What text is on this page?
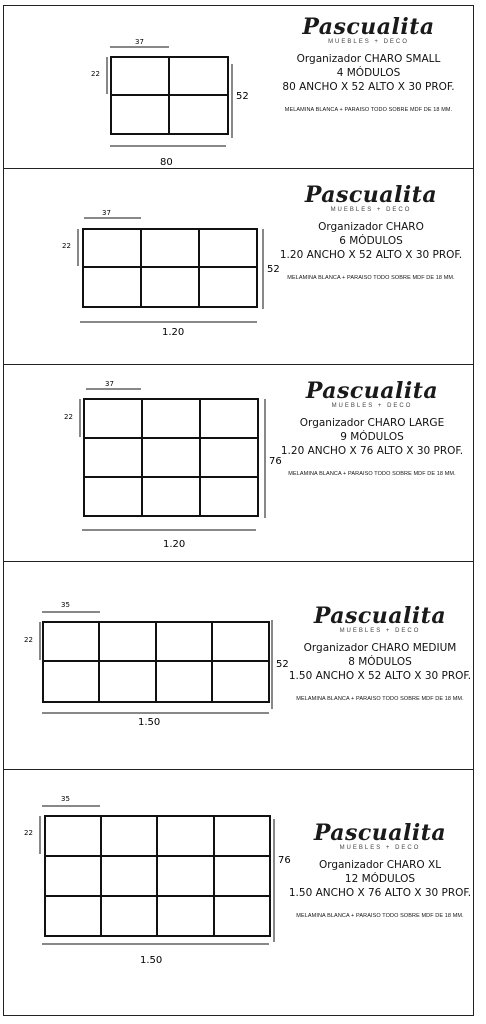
37
22
52
80
Pascualita
MUEBLES + DECO
Organizador CHARO SMALL
4 MÓDULOS
80 ANCHO X 52 ALTO X 30 PROF.
MELAMINA BLANCA + PARAISO TODO SOBRE MDF DE 18 MM.
37
22
52
1.20
Pascualita
MUEBLES + DECO
Organizador CHARO
6 MÓDULOS
1.20 ANCHO X 52 ALTO X 30 PROF.
MELAMINA BLANCA + PARAISO TODO SOBRE MDF DE 18 MM.
37
22
76
1.20
Pascualita
MUEBLES + DECO
Organizador CHARO LARGE
9 MÓDULOS
1.20 ANCHO X 76 ALTO X 30 PROF.
MELAMINA BLANCA + PARAISO TODO SOBRE MDF DE 18 MM.
35
22
52
1.50
Pascualita
MUEBLES + DECO
Organizador CHARO MEDIUM
8 MÓDULOS
1.50 ANCHO X 52 ALTO X 30 PROF.
MELAMINA BLANCA + PARAISO TODO SOBRE MDF DE 18 MM.
35
22
76
1.50
Pascualita
MUEBLES + DECO
Organizador CHARO XL
12 MÓDULOS
1.50 ANCHO X 76 ALTO X 30 PROF.
MELAMINA BLANCA + PARAISO TODO SOBRE MDF DE 18 MM.
